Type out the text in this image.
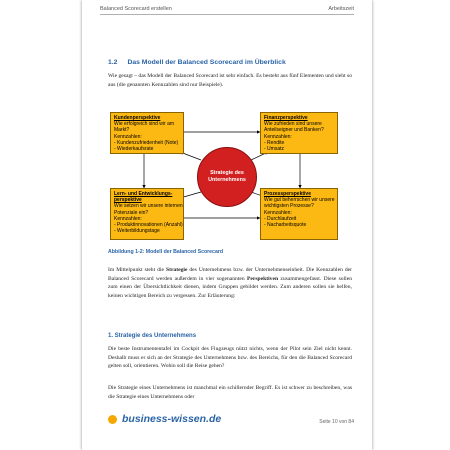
Balanced Scorecard erstellen	Arbeitszeit
1.2 Das Modell der Balanced Scorecard im Überblick

Wie gesagt – das Modell der Balanced Scorecard ist sehr einfach. Es besteht aus fünf Elementen und sieht so aus (die genannten Kennzahlen sind nur Beispiele).

Kundenperspektive
Wie erfolgreich sind wir am
Markt?
Kennzahlen:
- Kundenzufriedenheit (Note)
- Wiederkaufsrate
Finanzperspektive
Wie zufrieden sind unsere
Anteilseigner und Banken?
Kennzahlen:
- Rendite
- Umsatz
Lern- und Entwicklungs-
perspektive
Wie setzen wir unsere internen
Potenziale ein?
Kennzahlen:
- Produktinnovationen (Anzahl)
- Weiterbildungstage
Prozessperspektive
Wie gut beherrschen wir unsere
wichtigsten Prozesse?
Kennzahlen:
- Durchlaufzeit
- Nacharbeitsquote
Strategie des Unternehmens
Abbildung 1-2: Modell der Balanced Scorecard

Im Mittelpunkt steht die Strategie des Unternehmens bzw. der Unternehmenseinheit. Die Kennzahlen der Balanced Scorecard werden außerdem in vier sogenannten Perspektiven zusammengefasst. Diese sollen zum einen der Übersichtlichkeit dienen, indem Gruppen gebildet werden. Zum anderen sollen sie helfen, keinen wichtigen Bereich zu vergessen. Zur Erläuterung:

1. Strategie des Unternehmens

Die beste Instrumententafel im Cockpit des Flugzeugs nützt nichts, wenn der Pilot sein Ziel nicht kennt. Deshalb muss er sich an der Strategie des Unternehmens bzw. des Bereichs, für den die Balanced Scorecard gelten soll, orientieren. Wohin soll die Reise gehen?

Die Strategie eines Unternehmens ist manchmal ein schillernder Begriff. Es ist schwer zu beschreiben, was die Strategie eines Unternehmens oder

business-wissen.de	Seite 10 von 84
